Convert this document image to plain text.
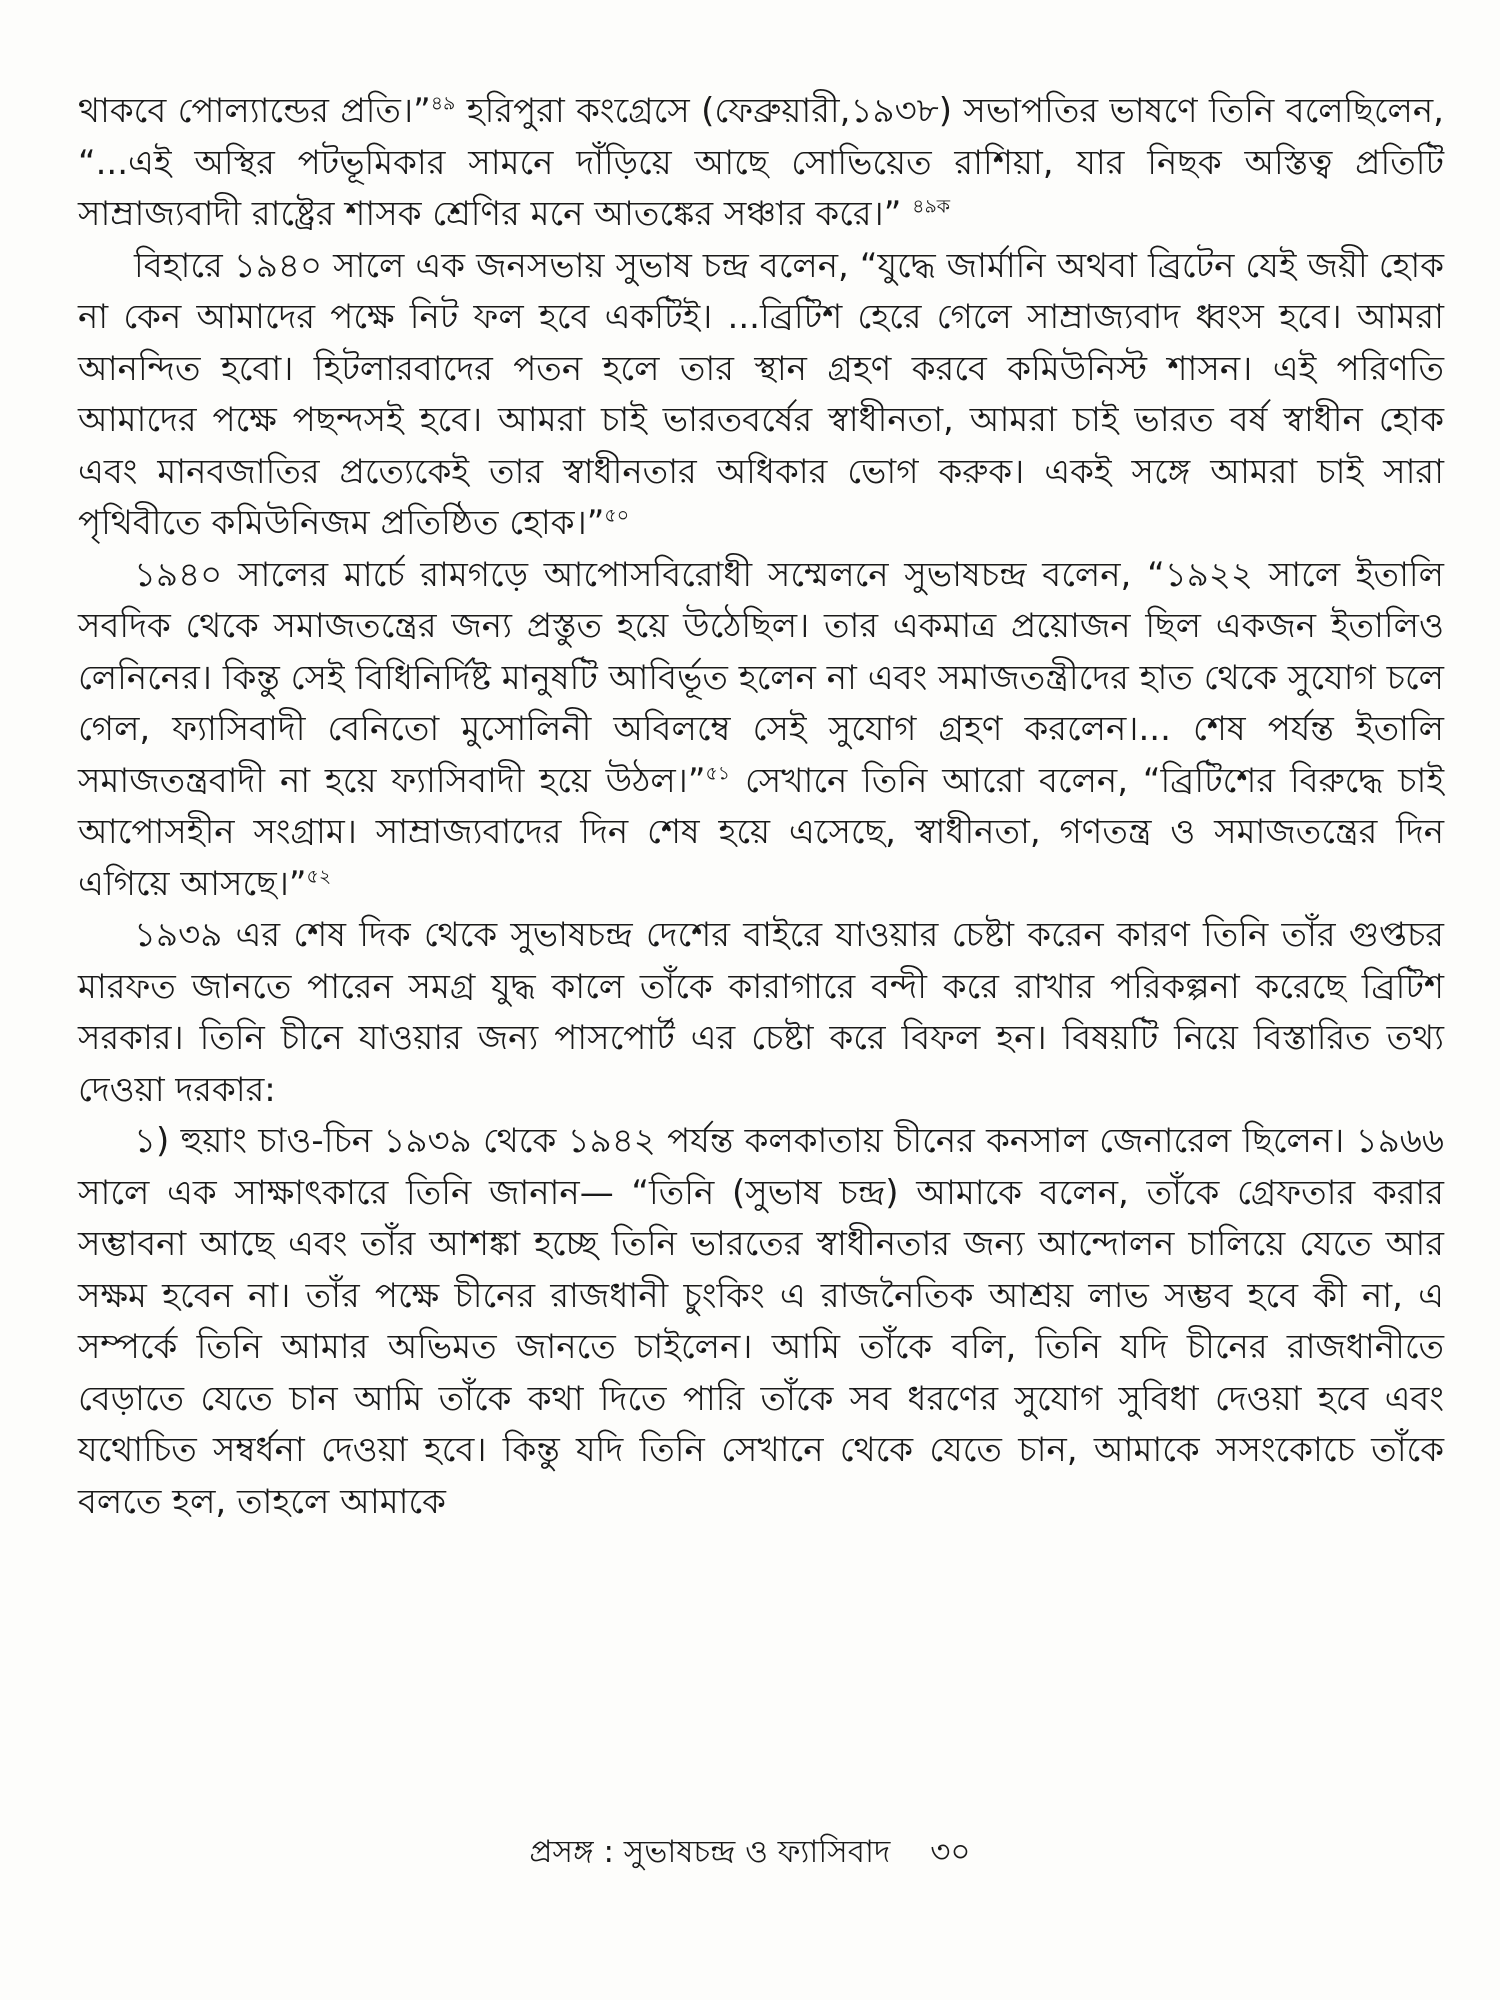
থাকবে পোল্যান্ডের প্রতি।”$^{৪৯}$ হরিপুরা কংগ্রেসে (ফেব্রুয়ারী,১৯৩৮) সভাপতির ভাষণে তিনি বলেছিলেন, “...এই অস্থির পটভূমিকার সামনে দাঁড়িয়ে আছে সোভিয়েত রাশিয়া, যার নিছক অস্তিত্ব প্রতিটি সাম্রাজ্যবাদী রাষ্ট্রের শাসক শ্রেণির মনে আতঙ্কের সঞ্চার করে।” $^{৪৯ক}$

বিহারে ১৯৪০ সালে এক জনসভায় সুভাষ চন্দ্র বলেন, “যুদ্ধে জার্মানি অথবা ব্রিটেন যেই জয়ী হোক না কেন আমাদের পক্ষে নিট ফল হবে একটিই। ...ব্রিটিশ হেরে গেলে সাম্রাজ্যবাদ ধ্বংস হবে। আমরা আনন্দিত হবো। হিটলারবাদের পতন হলে তার স্থান গ্রহণ করবে কমিউনিস্ট শাসন। এই পরিণতি আমাদের পক্ষে পছন্দসই হবে। আমরা চাই ভারতবর্ষের স্বাধীনতা, আমরা চাই ভারত বর্ষ স্বাধীন হোক এবং মানবজাতির প্রত্যেকেই তার স্বাধীনতার অধিকার ভোগ করুক। একই সঙ্গে আমরা চাই সারা পৃথিবীতে কমিউনিজম প্রতিষ্ঠিত হোক।”$^{৫০}$

১৯৪০ সালের মার্চে রামগড়ে আপোসবিরোধী সম্মেলনে সুভাষচন্দ্র বলেন, “১৯২২ সালে ইতালি সবদিক থেকে সমাজতন্ত্রের জন্য প্রস্তুত হয়ে উঠেছিল। তার একমাত্র প্রয়োজন ছিল একজন ইতালিও লেনিনের। কিন্তু সেই বিধিনির্দিষ্ট মানুষটি আবির্ভূত হলেন না এবং সমাজতন্ত্রীদের হাত থেকে সুযোগ চলে গেল, ফ্যাসিবাদী বেনিতো মুসোলিনী অবিলম্বে সেই সুযোগ গ্রহণ করলেন।... শেষ পর্যন্ত ইতালি সমাজতন্ত্রবাদী না হয়ে ফ্যাসিবাদী হয়ে উঠল।”$^{৫১}$ সেখানে তিনি আরো বলেন, “ব্রিটিশের বিরুদ্ধে চাই আপোসহীন সংগ্রাম। সাম্রাজ্যবাদের দিন শেষ হয়ে এসেছে, স্বাধীনতা, গণতন্ত্র ও সমাজতন্ত্রের দিন এগিয়ে আসছে।”$^{৫২}$

১৯৩৯ এর শেষ দিক থেকে সুভাষচন্দ্র দেশের বাইরে যাওয়ার চেষ্টা করেন কারণ তিনি তাঁর গুপ্তচর মারফত জানতে পারেন সমগ্র যুদ্ধ কালে তাঁকে কারাগারে বন্দী করে রাখার পরিকল্পনা করেছে ব্রিটিশ সরকার। তিনি চীনে যাওয়ার জন্য পাসপোর্ট এর চেষ্টা করে বিফল হন। বিষয়টি নিয়ে বিস্তারিত তথ্য দেওয়া দরকার:

১) হুয়াং চাও-চিন ১৯৩৯ থেকে ১৯৪২ পর্যন্ত কলকাতায় চীনের কনসাল জেনারেল ছিলেন। ১৯৬৬ সালে এক সাক্ষাৎকারে তিনি জানান— “তিনি (সুভাষ চন্দ্র) আমাকে বলেন, তাঁকে গ্রেফতার করার সম্ভাবনা আছে এবং তাঁর আশঙ্কা হচ্ছে তিনি ভারতের স্বাধীনতার জন্য আন্দোলন চালিয়ে যেতে আর সক্ষম হবেন না। তাঁর পক্ষে চীনের রাজধানী চুংকিং এ রাজনৈতিক আশ্রয় লাভ সম্ভব হবে কী না, এ সম্পর্কে তিনি আমার অভিমত জানতে চাইলেন। আমি তাঁকে বলি, তিনি যদি চীনের রাজধানীতে বেড়াতে যেতে চান আমি তাঁকে কথা দিতে পারি তাঁকে সব ধরণের সুযোগ সুবিধা দেওয়া হবে এবং যথোচিত সম্বর্ধনা দেওয়া হবে। কিন্তু যদি তিনি সেখানে থেকে যেতে চান, আমাকে সসংকোচে তাঁকে বলতে হল, তাহলে আমাকে

প্রসঙ্গ : সুভাষচন্দ্র ও ফ্যাসিবাদ ৩০
